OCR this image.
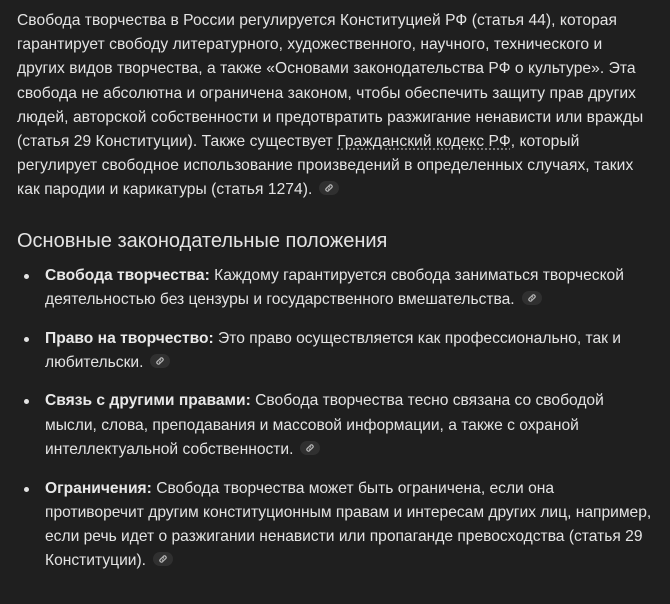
Свобода творчества в России регулируется Конституцией РФ (статья 44), которая гарантирует свободу литературного, художественного, научного, технического и других видов творчества, а также «Основами законодательства РФ о культуре». Эта свобода не абсолютна и ограничена законом, чтобы обеспечить защиту прав других людей, авторской собственности и предотвратить разжигание ненависти или вражды (статья 29 Конституции). Также существует Гражданский кодекс РФ, который регулирует свободное использование произведений в определенных случаях, таких как пародии и карикатуры (статья 1274).

Основные законодательные положения
Свобода творчества: Каждому гарантируется свобода заниматься творческой деятельностью без цензуры и государственного вмешательства.
Право на творчество: Это право осуществляется как профессионально, так и любительски.
Связь с другими правами: Свобода творчества тесно связана со свободой мысли, слова, преподавания и массовой информации, а также с охраной интеллектуальной собственности.
Ограничения: Свобода творчества может быть ограничена, если она противоречит другим конституционным правам и интересам других лиц, например, если речь идет о разжигании ненависти или пропаганде превосходства (статья 29 Конституции).
